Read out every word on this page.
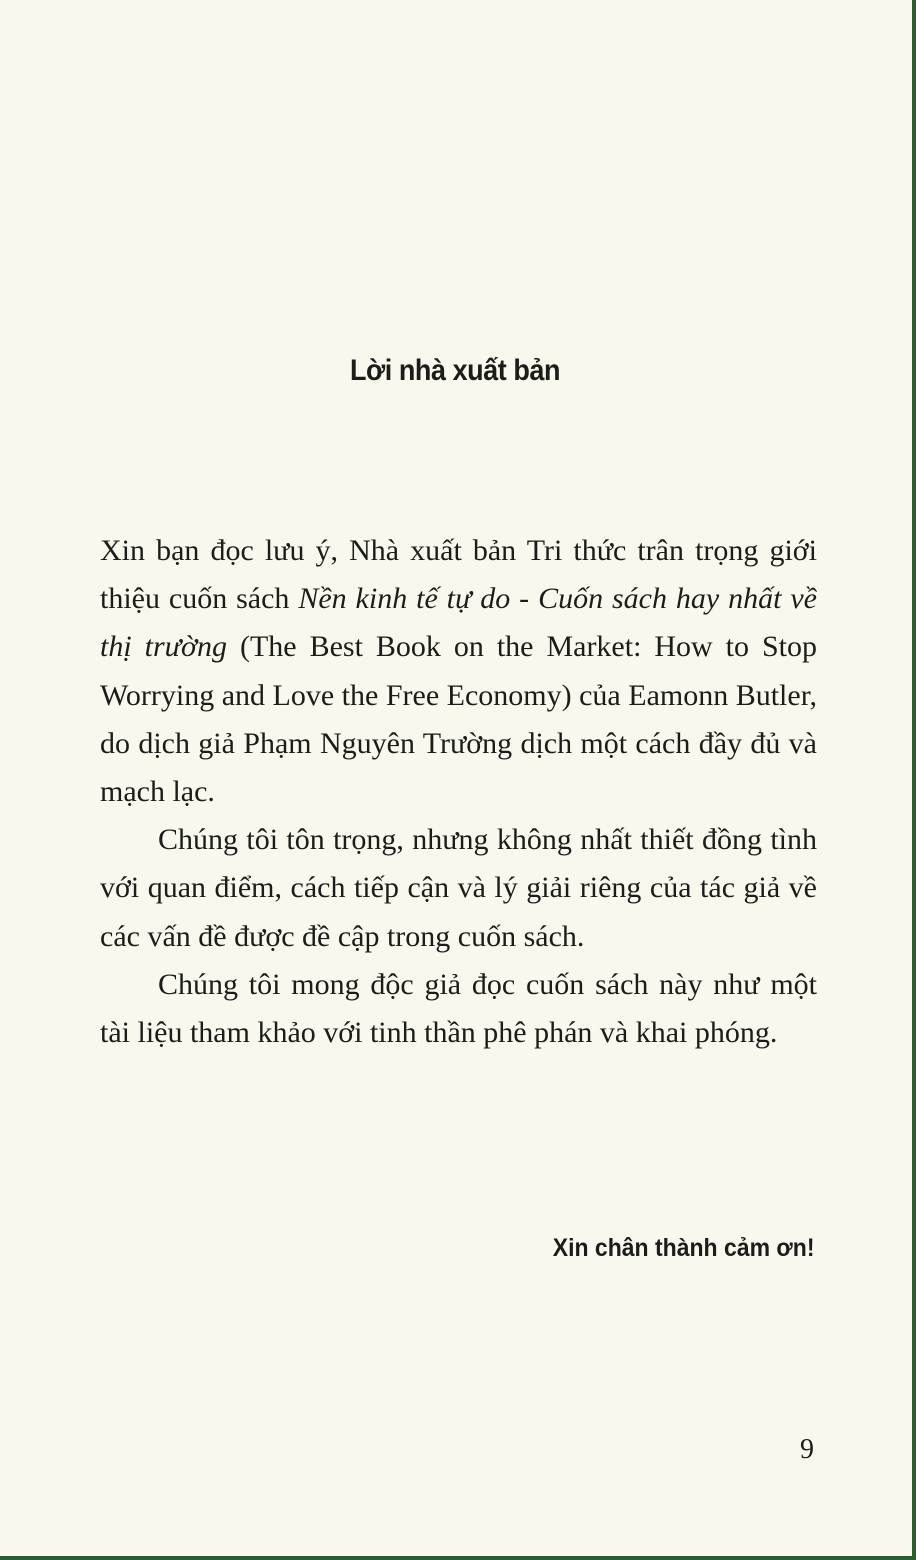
Lời nhà xuất bản

Xin bạn đọc lưu ý, Nhà xuất bản Tri thức trân trọng giới thiệu cuốn sách Nền kinh tế tự do - Cuốn sách hay nhất về thị trường (The Best Book on the Market: How to Stop Worrying and Love the Free Economy) của Eamonn Butler, do dịch giả Phạm Nguyên Trường dịch một cách đầy đủ và mạch lạc.

Chúng tôi tôn trọng, nhưng không nhất thiết đồng tình với quan điểm, cách tiếp cận và lý giải riêng của tác giả về các vấn đề được đề cập trong cuốn sách.

Chúng tôi mong độc giả đọc cuốn sách này như một tài liệu tham khảo với tinh thần phê phán và khai phóng.

Xin chân thành cảm ơn!

9
